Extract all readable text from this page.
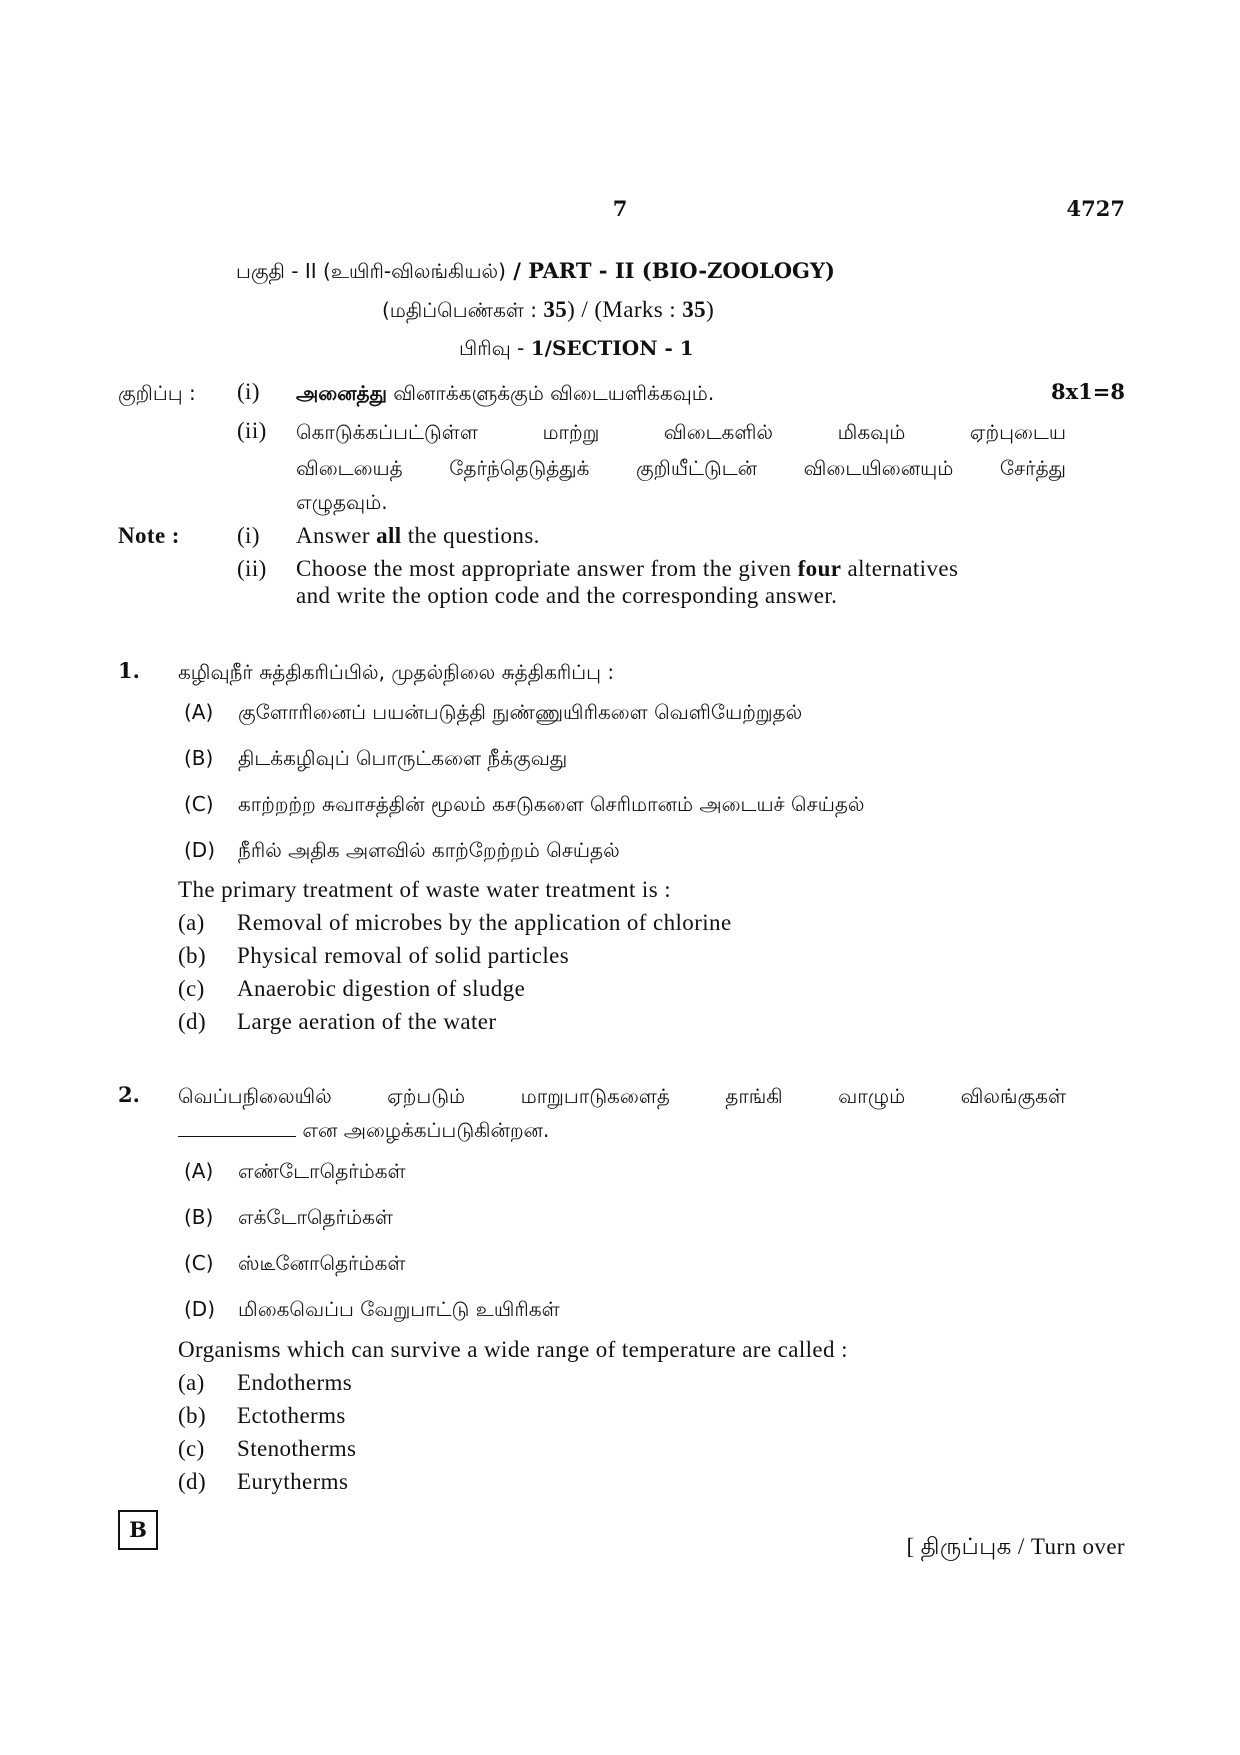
7	4727
பகுதி - II (உயிரி-விலங்கியல்) / PART - II (BIO-ZOOLOGY)
(மதிப்பெண்கள் : 35) / (Marks : 35)
பிரிவு - 1/SECTION - 1
குறிப்பு : (i) அனைத்து வினாக்களுக்கும் விடையளிக்கவும்.	8x1=8
(ii) கொடுக்கப்பட்டுள்ள மாற்று விடைகளில் மிகவும் ஏற்புடைய
விடையைத் தேர்ந்தெடுத்துக் குறியீட்டுடன் விடையினையும் சேர்த்து
எழுதவும்.
Note : (i) Answer all the questions.
(ii) Choose the most appropriate answer from the given four alternatives
and write the option code and the corresponding answer.
1. கழிவுநீர் சுத்திகரிப்பில், முதல்நிலை சுத்திகரிப்பு :
(A) குளோரினைப் பயன்படுத்தி நுண்ணுயிரிகளை வெளியேற்றுதல்
(B) திடக்கழிவுப் பொருட்களை நீக்குவது
(C) காற்றற்ற சுவாசத்தின் மூலம் கசடுகளை செரிமானம் அடையச் செய்தல்
(D) நீரில் அதிக அளவில் காற்றேற்றம் செய்தல்
The primary treatment of waste water treatment is :
(a) Removal of microbes by the application of chlorine
(b) Physical removal of solid particles
(c) Anaerobic digestion of sludge
(d) Large aeration of the water
2. வெப்பநிலையில் ஏற்படும் மாறுபாடுகளைத் தாங்கி வாழும் விலங்குகள்
என அழைக்கப்படுகின்றன.
(A) எண்டோதெர்ம்கள்
(B) எக்டோதெர்ம்கள்
(C) ஸ்டீனோதெர்ம்கள்
(D) மிகைவெப்ப வேறுபாட்டு உயிரிகள்
Organisms which can survive a wide range of temperature are called :
(a) Endotherms
(b) Ectotherms
(c) Stenotherms
(d) Eurytherms
B
[ திருப்புக / Turn over
